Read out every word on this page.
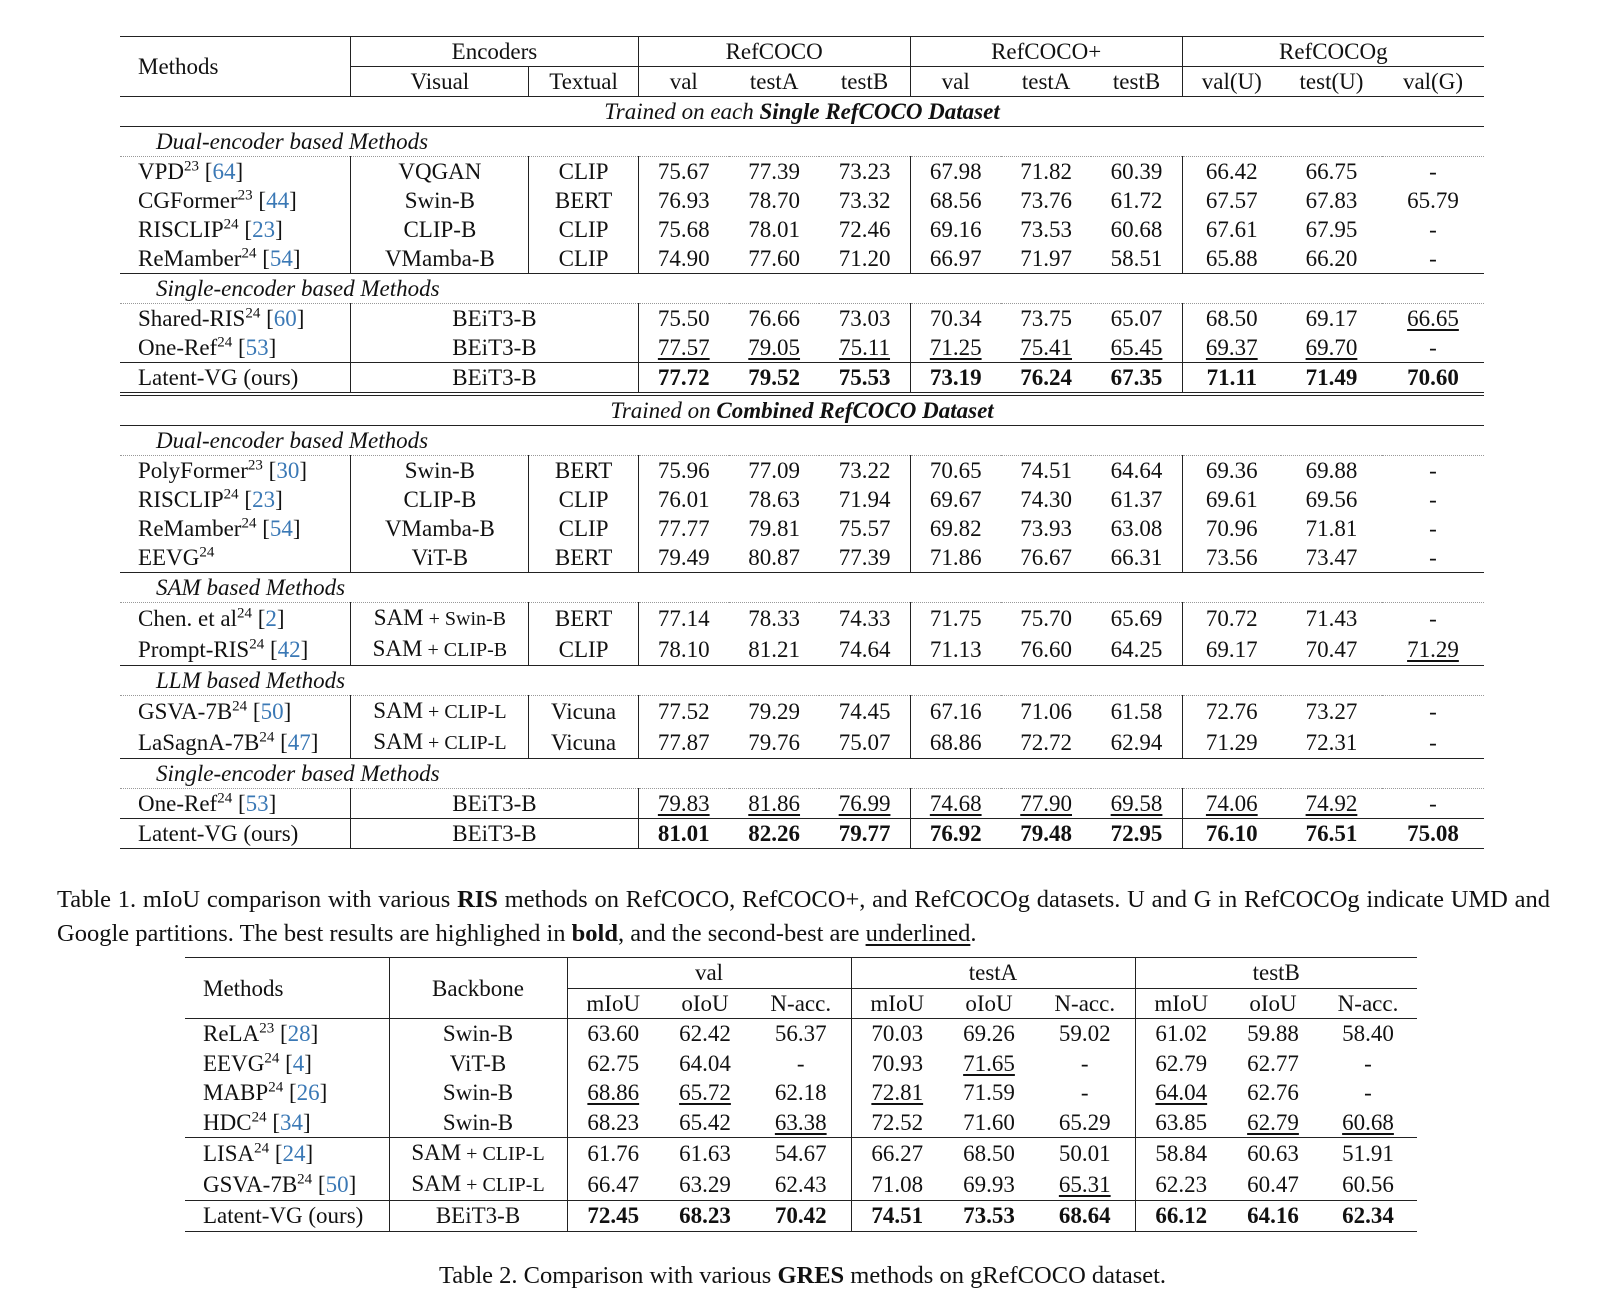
Methods	Encoders		RefCOCO			RefCOCO+			RefCOCOg		
	Visual	Textual	val	testA	testB	val	testA	testB	val(U)	test(U)	val(G)
Trained on each Single RefCOCO Dataset											
Dual-encoder based Methods											
VPD$^{23}$ [64]	VQGAN	CLIP	75.67	77.39	73.23	67.98	71.82	60.39	66.42	66.75	-
CGFormer$^{23}$ [44]	Swin-B	BERT	76.93	78.70	73.32	68.56	73.76	61.72	67.57	67.83	65.79
RISCLIP$^{24}$ [23]	CLIP-B	CLIP	75.68	78.01	72.46	69.16	73.53	60.68	67.61	67.95	-
ReMamber$^{24}$ [54]	VMamba-B	CLIP	74.90	77.60	71.20	66.97	71.97	58.51	65.88	66.20	-
Single-encoder based Methods											
Shared-RIS$^{24}$ [60]	BEiT3-B		75.50	76.66	73.03	70.34	73.75	65.07	68.50	69.17	66.65
One-Ref$^{24}$ [53]	BEiT3-B		77.57	79.05	75.11	71.25	75.41	65.45	69.37	69.70	-
Latent-VG (ours)	BEiT3-B		77.72	79.52	75.53	73.19	76.24	67.35	71.11	71.49	70.60
Trained on Combined RefCOCO Dataset											
Dual-encoder based Methods											
PolyFormer$^{23}$ [30]	Swin-B	BERT	75.96	77.09	73.22	70.65	74.51	64.64	69.36	69.88	-
RISCLIP$^{24}$ [23]	CLIP-B	CLIP	76.01	78.63	71.94	69.67	74.30	61.37	69.61	69.56	-
ReMamber$^{24}$ [54]	VMamba-B	CLIP	77.77	79.81	75.57	69.82	73.93	63.08	70.96	71.81	-
EEVG$^{24}$	ViT-B	BERT	79.49	80.87	77.39	71.86	76.67	66.31	73.56	73.47	-
SAM based Methods											
Chen. et $al^{24}$ [2]	SAM + Swin-B	BERT	77.14	78.33	74.33	71.75	75.70	65.69	70.72	71.43	-
Prompt-RIS$^{24}$ [42]	SAM + CLIP-B	CLIP	78.10	81.21	74.64	71.13	76.60	64.25	69.17	70.47	71.29
LLM based Methods											
GSVA-$7B^{24}$ [50]	SAM + CLIP-L	Vicuna	77.52	79.29	74.45	67.16	71.06	61.58	72.76	73.27	-
LaSagnA-$7B^{24}$ [47]	SAM + CLIP-L	Vicuna	77.87	79.76	75.07	68.86	72.72	62.94	71.29	72.31	-
Single-encoder based Methods											
One-Ref$^{24}$ [53]	BEiT3-B		79.83	81.86	76.99	74.68	77.90	69.58	74.06	74.92	-
Latent-VG (ours)	BEiT3-B		81.01	82.26	79.77	76.92	79.48	72.95	76.10	76.51	75.08

Table 1. mIoU comparison with various RIS methods on RefCOCO, RefCOCO+, and RefCOCOg datasets. U and G in RefCOCOg indicate UMD and Google partitions. The best results are highlighed in bold, and the second-best are underlined.

Methods	Backbone	val			testA			testB		
		mIoU	oIoU	N-acc.	mIoU	oIoU	N-acc.	mIoU	oIoU	N-acc.
ReLA$^{23}$ [28]	Swin-B	63.60	62.42	56.37	70.03	69.26	59.02	61.02	59.88	58.40
EEVG$^{24}$ [4]	ViT-B	62.75	64.04	-	70.93	71.65	-	62.79	62.77	-
MABP$^{24}$ [26]	Swin-B	68.86	65.72	62.18	72.81	71.59	-	64.04	62.76	-
HDC$^{24}$ [34]	Swin-B	68.23	65.42	63.38	72.52	71.60	65.29	63.85	62.79	60.68
LISA$^{24}$ [24]	SAM + CLIP-L	61.76	61.63	54.67	66.27	68.50	50.01	58.84	60.63	51.91
GSVA-$7B^{24}$ [50]	SAM + CLIP-L	66.47	63.29	62.43	71.08	69.93	65.31	62.23	60.47	60.56
Latent-VG (ours)	BEiT3-B	72.45	68.23	70.42	74.51	73.53	68.64	66.12	64.16	62.34

Table 2. Comparison with various GRES methods on gRefCOCO dataset.
